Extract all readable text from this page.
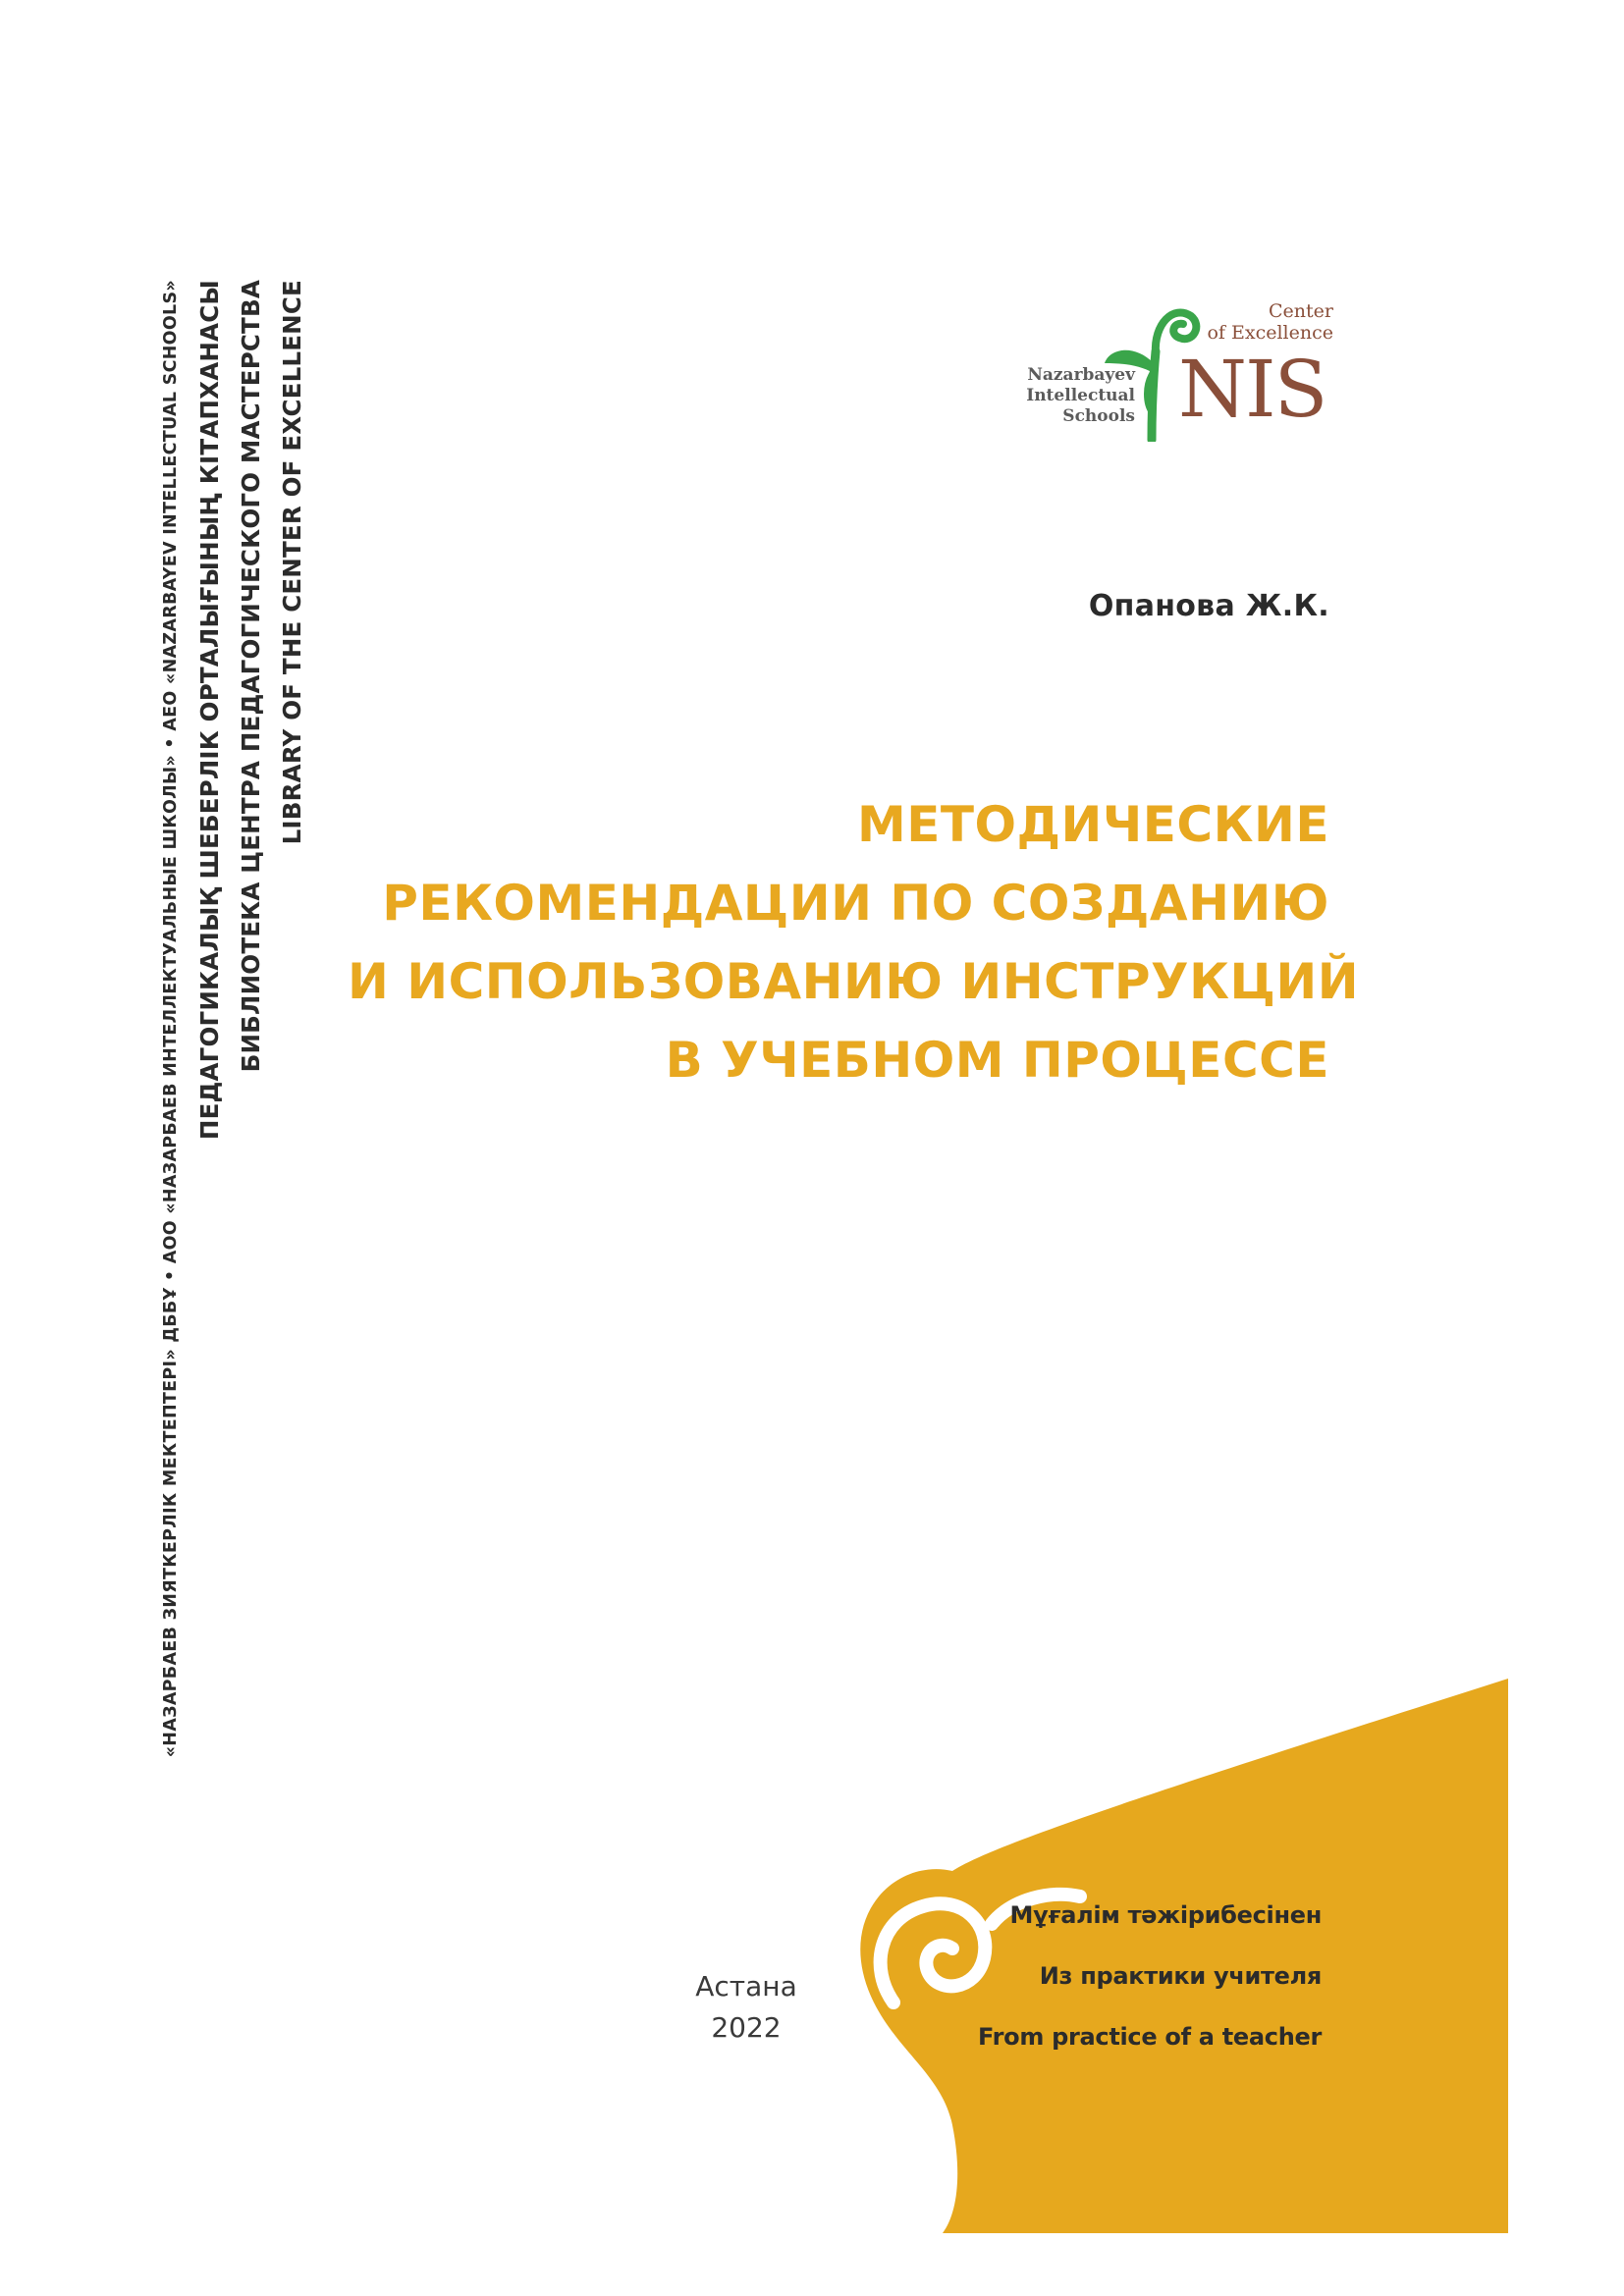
«НАЗАРБАЕВ ЗИЯТКЕРЛІК МЕКТЕПТЕРІ» ДББҰ • АОО «НАЗАРБАЕВ ИНТЕЛЛЕКТУАЛЬНЫЕ ШКОЛЫ» • AEO «NAZARBAYEV INTELLECTUAL SCHOOLS» ПЕДАГОГИКАЛЫҚ ШЕБЕРЛІК ОРТАЛЫҒЫНЫҢ КІТАПХАНАСЫ БИБЛИОТЕКА ЦЕНТРА ПЕДАГОГИЧЕСКОГО МАСТЕРСТВА LIBRARY OF THE CENTER OF EXCELLENCE	Center
of Excellence
Nazarbayev
Intellectual
Schools NIS
Опанова Ж.К.
МЕТОДИЧЕСКИЕ
РЕКОМЕНДАЦИИ ПО СОЗДАНИЮ
И ИСПОЛЬЗОВАНИЮ ИНСТРУКЦИЙ
В УЧЕБНОМ ПРОЦЕССЕ
Мұғалім тәжірибесінен
Из практики учителя
From practice of a teacher
Астана
2022
